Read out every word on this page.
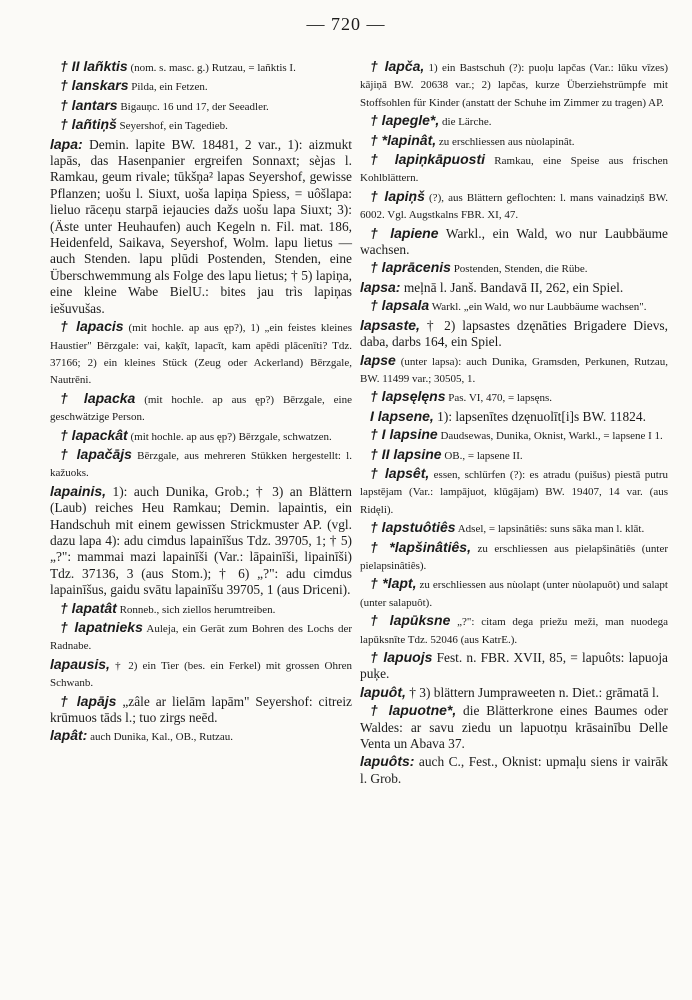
— 720 —

† II lañktis (nom. s. masc. g.) Rutzau, = lañktis I.

† lanskars Pilda, ein Fetzen.

† lantars Bigauņc. 16 und 17, der Seeadler.

† lañtiņš Seyershof, ein Tagedieb.

lapa: Demin. lapite BW. 18481, 2 var., 1): aizmukt lapās, das Hasenpanier ergreifen Sonnaxt; sèjas l. Ramkau, geum rivale; tūkšņa² lapas Seyershof, gewisse Pflanzen; uošu l. Siuxt, uoša lapiņa Spiess, = uôšlapa: lieluo rāceņu starpā iejaucies dažs uošu lapa Siuxt; 3): (Äste unter Heuhaufen) auch Kegeln n. Fil. mat. 186, Heidenfeld, Saikava, Seyershof, Wolm. lapu lietus — auch Stenden. lapu plūdi Postenden, Stenden, eine Überschwemmung als Folge des lapu lietus; † 5) lapiņa, eine kleine Wabe BielU.: bites jau trìs lapiņas iešuvušas.

† lapacis (mit hochle. ap aus ęp?), 1) „ein feistes kleines Haustier" Bērzgale: vai, kaķīt, lapacīt, kam apēdi plācenīti? Tdz. 37166; 2) ein kleines Stück (Zeug oder Ackerland) Bērzgale, Nautrēni.

† lapacka (mit hochle. ap aus ęp?) Bērzgale, eine geschwätzige Person.

† lapackât (mit hochle. ap aus ęp?) Bērzgale, schwatzen.

† lapačājs Bērzgale, aus mehreren Stükken hergestellt: l. kažuoks.

lapainis, 1): auch Dunika, Grob.; † 3) an Blättern (Laub) reiches Heu Ramkau; Demin. lapaintis, ein Handschuh mit einem gewissen Strickmuster AP. (vgl. dazu lapa 4): adu cimdus lapainīšus Tdz. 39705, 1; † 5) „?": mammai mazi lapainīši (Var.: lāpainīši, lipainīši) Tdz. 37136, 3 (aus Stom.); † 6) „?": adu cimdus lapainīšus, gaidu svātu lapainīšu 39705, 1 (aus Driceni).

† lapatât Ronneb., sich ziellos herumtreiben.

† lapatnieks Auleja, ein Gerät zum Bohren des Lochs der Radnabe.

lapausis, † 2) ein Tier (bes. ein Ferkel) mit grossen Ohren Schwanb.

† lapājs „zâle ar lielām lapām" Seyershof: citreiz krūmuos tāds l.; tuo zirgs neēd.

lapât: auch Dunika, Kal., OB., Rutzau.

† lapča, 1) ein Bastschuh (?): puoļu lapčas (Var.: lūku vīzes) kājiņā BW. 20638 var.; 2) lapčas, kurze Überziehstrümpfe mit Stoffsohlen für Kinder (anstatt der Schuhe im Zimmer zu tragen) AP.

† lapegle*, die Lärche.

† *lapinât, zu erschliessen aus nùolapinât.

† lapiņkāpuosti Ramkau, eine Speise aus frischen Kohlblättern.

† lapiņš (?), aus Blättern geflochten: l. mans vainadziņš BW. 6002. Vgl. Augstkalns FBR. XI, 47.

† lapiene Warkl., ein Wald, wo nur Laubbäume wachsen.

† laprācenis Postenden, Stenden, die Rübe.

lapsa: meļnā l. Janš. Bandavā II, 262, ein Spiel.

† lapsala Warkl. „ein Wald, wo nur Laubbäume wachsen".

lapsaste, † 2) lapsastes dzęnāties Brigadere Dievs, daba, darbs 164, ein Spiel.

lapse (unter lapsa): auch Dunika, Gramsden, Perkunen, Rutzau, BW. 11499 var.; 30505, 1.

† lapsęlęns Pas. VI, 470, = lapsęns.

I lapsene, 1): lapsenītes dzęnuolīt[i]s BW. 11824.

† I lapsine Daudsewas, Dunika, Oknist, Warkl., = lapsene I 1.

† II lapsine OB., = lapsene II.

† lapsêt, essen, schlürfen (?): es atradu (puišus) piestā putru lapstējam (Var.: lampājuot, klūgājam) BW. 19407, 14 var. (aus Ridęli).

† lapstuôtiês Adsel, = lapsinâtiês: suns sāka man l. klāt.

† *lapšinâtiês, zu erschliessen aus pielapšinâtiês (unter pielapsinâtiês).

† *lapt, zu erschliessen aus nùolapt (unter nùolapuôt) und salapt (unter salapuôt).

† lapūksne „?": citam dega priežu meži, man nuodega lapūksnīte Tdz. 52046 (aus KatrE.).

† lapuojs Fest. n. FBR. XVII, 85, = lapuôts: lapuoja puķe.

lapuôt, † 3) blättern Jumpraweeten n. Diet.: grāmatā l.

† lapuotne*, die Blätterkrone eines Baumes oder Waldes: ar savu ziedu un lapuotņu krāsainību Delle Venta un Abava 37.

lapuôts: auch C., Fest., Oknist: upmaļu siens ir vairāk l. Grob.
